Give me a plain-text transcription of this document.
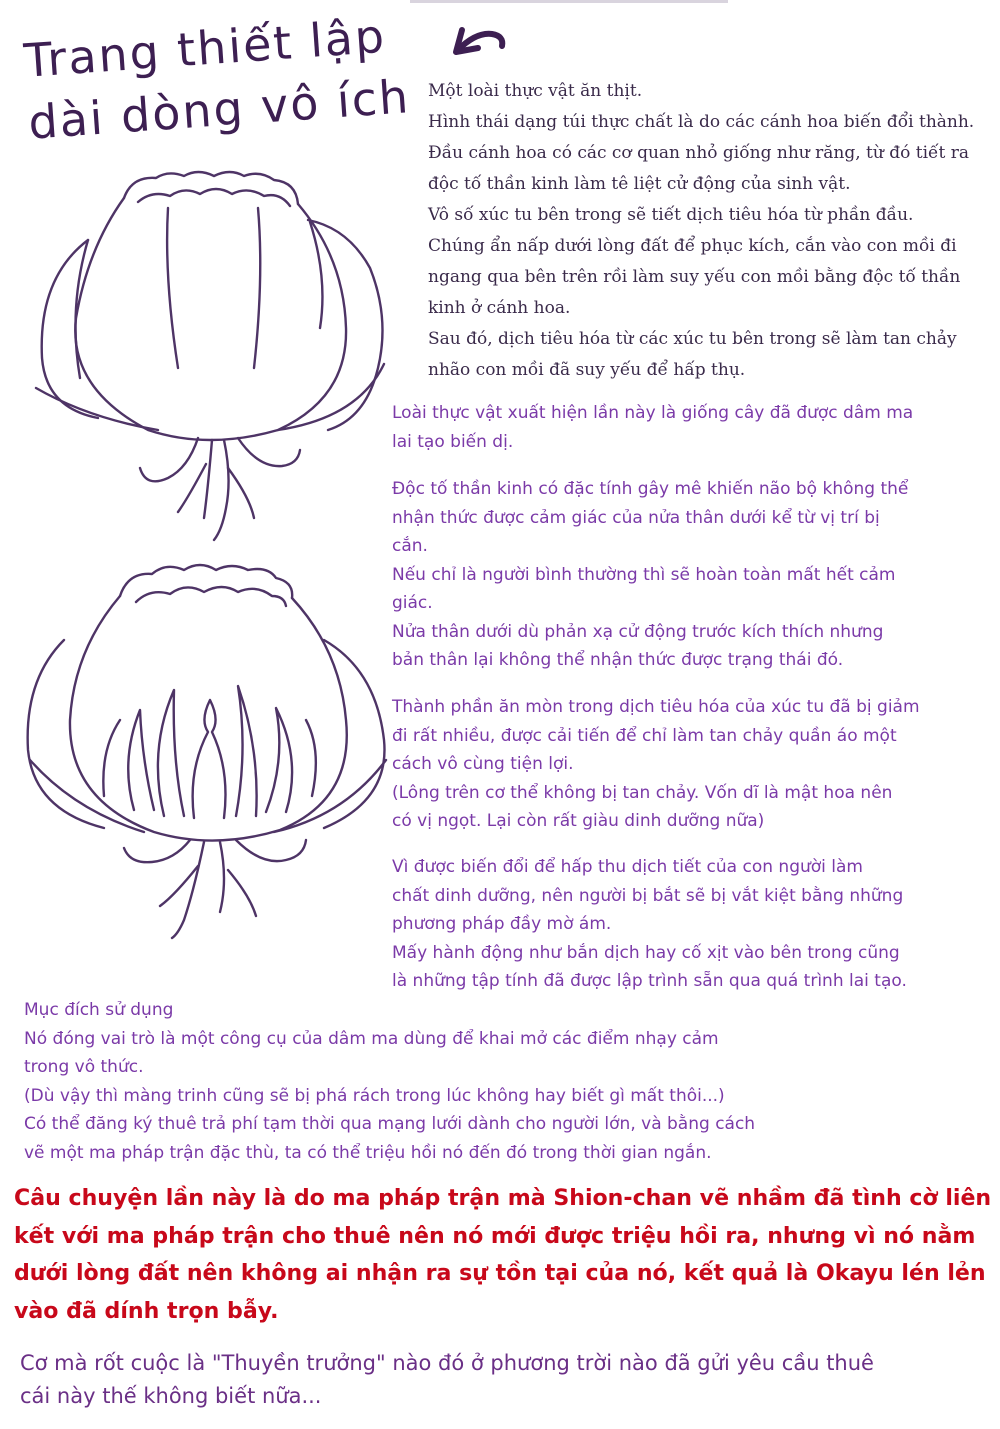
Trang thiết lập
dài dòng vô ích Một loài thực vật ăn thịt.
Hình thái dạng túi thực chất là do các cánh hoa biến đổi thành.
Đầu cánh hoa có các cơ quan nhỏ giống như răng, từ đó tiết ra
độc tố thần kinh làm tê liệt cử động của sinh vật.
Vô số xúc tu bên trong sẽ tiết dịch tiêu hóa từ phần đầu.
Chúng ẩn nấp dưới lòng đất để phục kích, cắn vào con mồi đi
ngang qua bên trên rồi làm suy yếu con mồi bằng độc tố thần
kinh ở cánh hoa.
Sau đó, dịch tiêu hóa từ các xúc tu bên trong sẽ làm tan chảy
nhão con mồi đã suy yếu để hấp thụ.
Loài thực vật xuất hiện lần này là giống cây đã được dâm ma
lai tạo biến dị.
Độc tố thần kinh có đặc tính gây mê khiến não bộ không thể
nhận thức được cảm giác của nửa thân dưới kể từ vị trí bị
cắn.
Nếu chỉ là người bình thường thì sẽ hoàn toàn mất hết cảm
giác.
Nửa thân dưới dù phản xạ cử động trước kích thích nhưng
bản thân lại không thể nhận thức được trạng thái đó.
Thành phần ăn mòn trong dịch tiêu hóa của xúc tu đã bị giảm
đi rất nhiều, được cải tiến để chỉ làm tan chảy quần áo một
cách vô cùng tiện lợi.
(Lông trên cơ thể không bị tan chảy. Vốn dĩ là mật hoa nên
có vị ngọt. Lại còn rất giàu dinh dưỡng nữa)
Vì được biến đổi để hấp thu dịch tiết của con người làm
chất dinh dưỡng, nên người bị bắt sẽ bị vắt kiệt bằng những
phương pháp đầy mờ ám.
Mấy hành động như bắn dịch hay cố xịt vào bên trong cũng
là những tập tính đã được lập trình sẵn qua quá trình lai tạo.
Mục đích sử dụng
Nó đóng vai trò là một công cụ của dâm ma dùng để khai mở các điểm nhạy cảm
trong vô thức.
(Dù vậy thì màng trinh cũng sẽ bị phá rách trong lúc không hay biết gì mất thôi...)
Có thể đăng ký thuê trả phí tạm thời qua mạng lưới dành cho người lớn, và bằng cách
vẽ một ma pháp trận đặc thù, ta có thể triệu hồi nó đến đó trong thời gian ngắn.
Câu chuyện lần này là do ma pháp trận mà Shion-chan vẽ nhầm đã tình cờ liên
kết với ma pháp trận cho thuê nên nó mới được triệu hồi ra, nhưng vì nó nằm
dưới lòng đất nên không ai nhận ra sự tồn tại của nó, kết quả là Okayu lén lẻn
vào đã dính trọn bẫy.
Cơ mà rốt cuộc là "Thuyền trưởng" nào đó ở phương trời nào đã gửi yêu cầu thuê
cái này thế không biết nữa...
